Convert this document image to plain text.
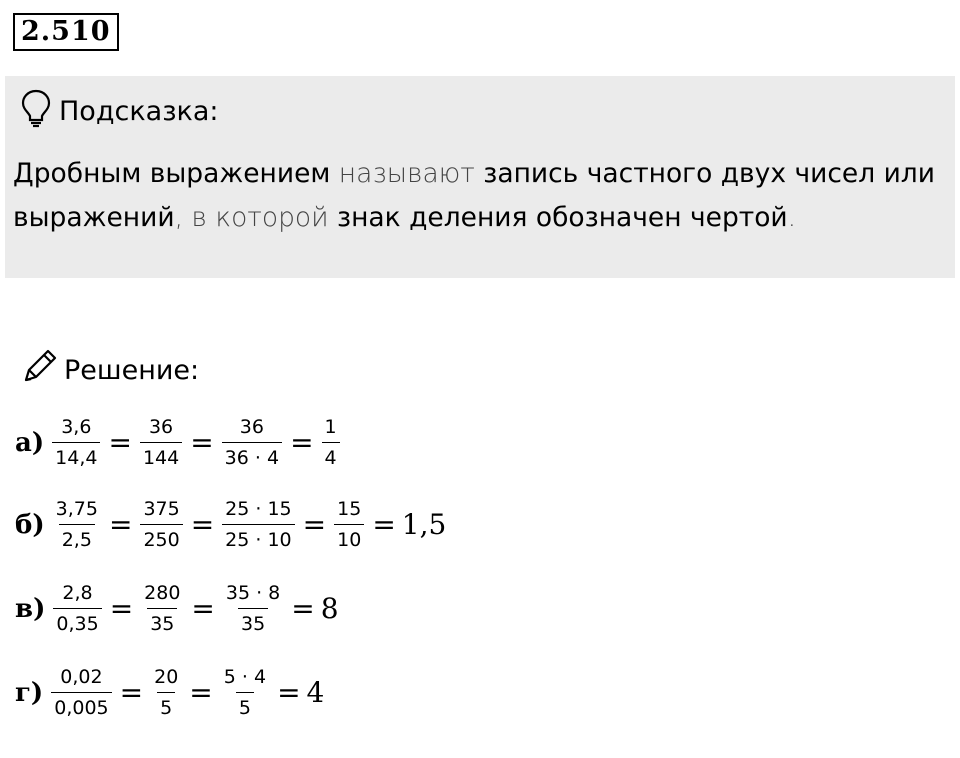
2.510
Подсказка:
Дробным выражением называют запись частного двух чисел или выражений, в которой знак деления обозначен чертой.
Решение:
$а) \frac{3,6}{14,4} = \frac{36}{144} = \frac{36}{36 \cdot 4} = \frac{1}{4}$
$б) \frac{3,75}{2,5} = \frac{375}{250} = \frac{25 \cdot 15}{25 \cdot 10} = \frac{15}{10} = 1,5$
$в) \frac{2,8}{0,35} = \frac{280}{35} = \frac{35 \cdot 8}{35} = 8$
$г) \frac{0,02}{0,005} = \frac{20}{5} = \frac{5 \cdot 4}{5} = 4$
